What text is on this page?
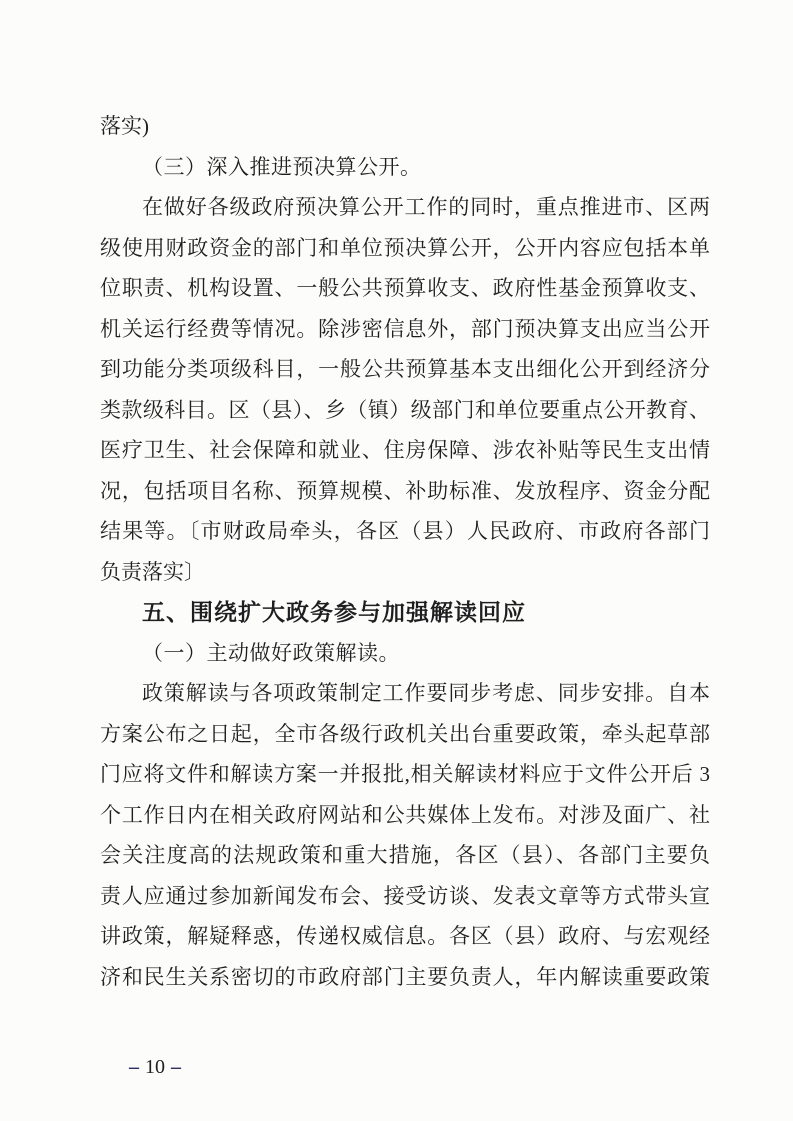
落实)

（三）深入推进预决算公开。

在做好各级政府预决算公开工作的同时，重点推进市、区两

级使用财政资金的部门和单位预决算公开，公开内容应包括本单

位职责、机构设置、一般公共预算收支、政府性基金预算收支、

机关运行经费等情况。除涉密信息外，部门预决算支出应当公开

到功能分类项级科目，一般公共预算基本支出细化公开到经济分

类款级科目。区（县）、乡（镇）级部门和单位要重点公开教育、

医疗卫生、社会保障和就业、住房保障、涉农补贴等民生支出情

况，包括项目名称、预算规模、补助标准、发放程序、资金分配

结果等。〔市财政局牵头，各区（县）人民政府、市政府各部门

负责落实〕

五、围绕扩大政务参与加强解读回应

（一）主动做好政策解读。

政策解读与各项政策制定工作要同步考虑、同步安排。自本

方案公布之日起，全市各级行政机关出台重要政策，牵头起草部

门应将文件和解读方案一并报批,相关解读材料应于文件公开后 3

个工作日内在相关政府网站和公共媒体上发布。对涉及面广、社

会关注度高的法规政策和重大措施，各区（县）、各部门主要负

责人应通过参加新闻发布会、接受访谈、发表文章等方式带头宣

讲政策，解疑释惑，传递权威信息。各区（县）政府、与宏观经

济和民生关系密切的市政府部门主要负责人，年内解读重要政策

– 10 –
